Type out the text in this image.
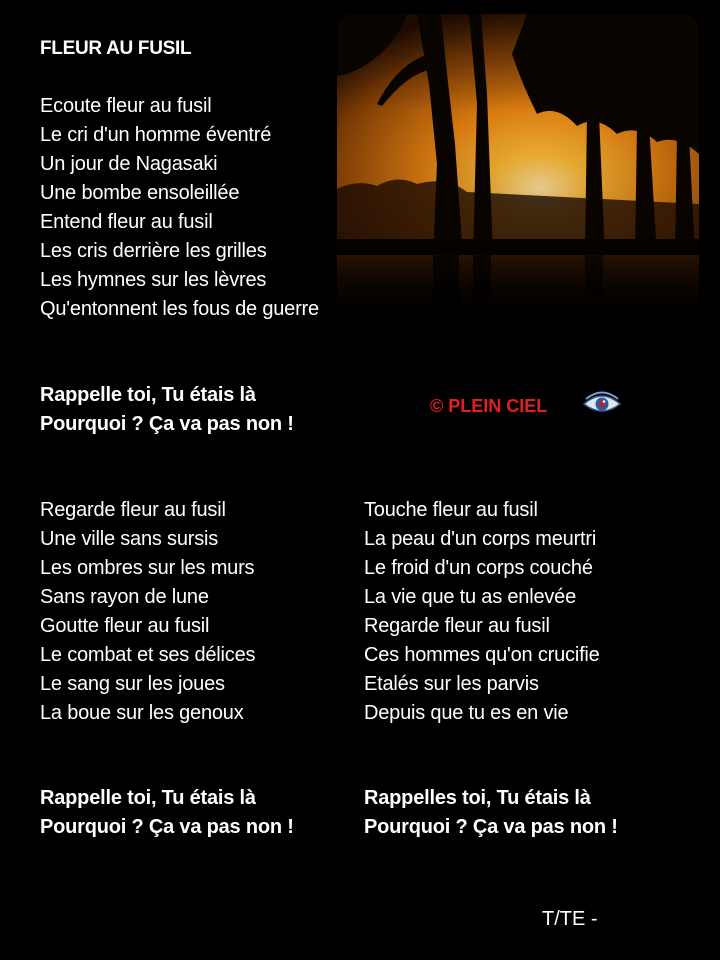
FLEUR AU FUSIL
Ecoute fleur au fusil
Le cri d'un homme éventré
Un jour de Nagasaki
Une bombe ensoleillée
Entend fleur au fusil
Les cris derrière les grilles
Les hymnes sur les lèvres
Qu'entonnent les fous de guerre
Rappelle toi, Tu étais là
Pourquoi ? Ça va pas non !
© PLEIN CIEL
Regarde fleur au fusil
Une ville sans sursis
Les ombres sur les murs
Sans rayon de lune
Goutte fleur au fusil
Le combat et ses délices
Le sang sur les joues
La boue sur les genoux
Touche fleur au fusil
La peau d'un corps meurtri
Le froid d'un corps couché
La vie que tu as enlevée
Regarde fleur au fusil
Ces hommes qu'on crucifie
Etalés sur les parvis
Depuis que tu es en vie
Rappelle toi, Tu étais là
Pourquoi ? Ça va pas non !
Rappelles toi, Tu étais là
Pourquoi ? Ça va pas non !
T/TE -
